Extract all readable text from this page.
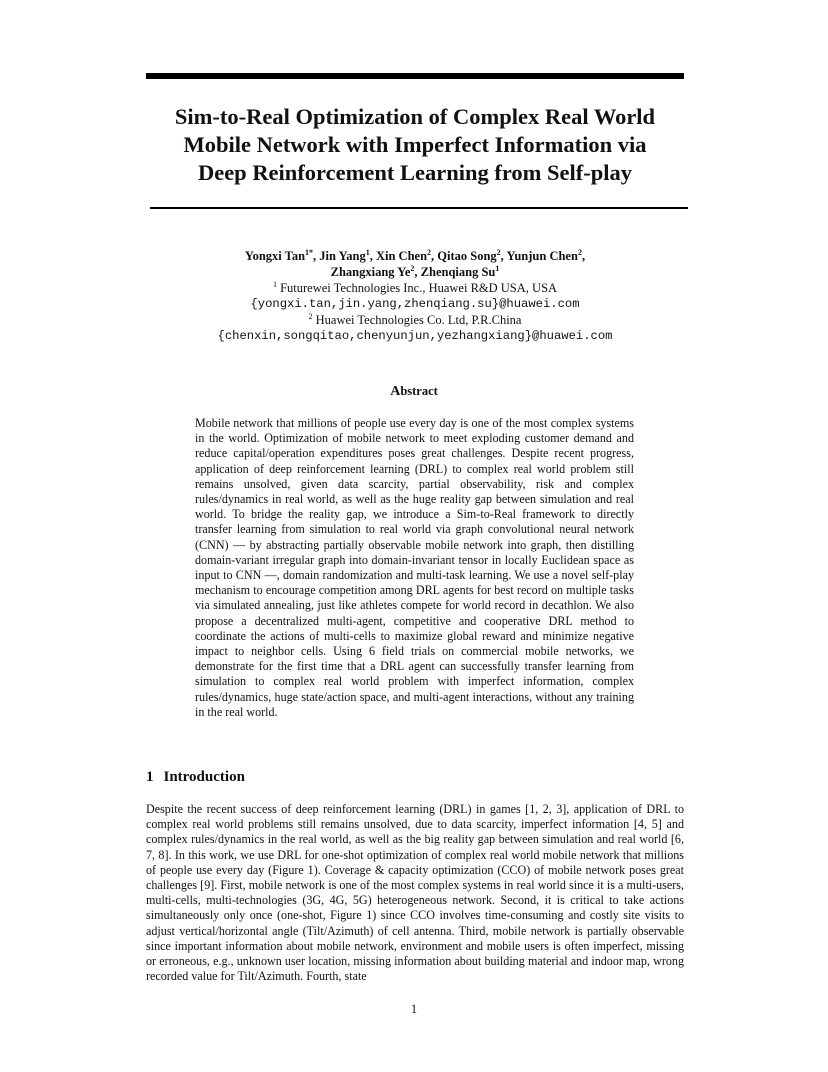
Sim-to-Real Optimization of Complex Real World
Mobile Network with Imperfect Information via
Deep Reinforcement Learning from Self-play
Yongxi Tan$^{1*}$, Jin Yang$^1$, Xin Chen$^2$, Qitao Song$^2$, Yunjun Chen$^2$,
Zhangxiang Ye$^2$, Zhenqiang Su$^1$
$^1$ Futurewei Technologies Inc., Huawei R&D USA, USA
{yongxi.tan,jin.yang,zhenqiang.su}@huawei.com
$^2$ Huawei Technologies Co. Ltd, P.R.China
{chenxin,songqitao,chenyunjun,yezhangxiang}@huawei.com
Abstract
Mobile network that millions of people use every day is one of the most complex systems in the world. Optimization of mobile network to meet exploding customer demand and reduce capital/operation expenditures poses great challenges. Despite recent progress, application of deep reinforcement learning (DRL) to complex real world problem still remains unsolved, given data scarcity, partial observability, risk and complex rules/dynamics in real world, as well as the huge reality gap between simulation and real world. To bridge the reality gap, we introduce a Sim-to-Real framework to directly transfer learning from simulation to real world via graph convolutional neural network (CNN) — by abstracting partially observable mobile network into graph, then distilling domain-variant irregular graph into domain-invariant tensor in locally Euclidean space as input to CNN —, domain randomization and multi-task learning. We use a novel self-play mechanism to encourage competition among DRL agents for best record on multiple tasks via simulated annealing, just like athletes compete for world record in decathlon. We also propose a decentralized multi-agent, competitive and cooperative DRL method to coordinate the actions of multi-cells to maximize global reward and minimize negative impact to neighbor cells. Using 6 field trials on commercial mobile networks, we demonstrate for the first time that a DRL agent can successfully transfer learning from simulation to complex real world problem with imperfect information, complex rules/dynamics, huge state/action space, and multi-agent interactions, without any training in the real world.
1 Introduction
Despite the recent success of deep reinforcement learning (DRL) in games [1, 2, 3], application of DRL to complex real world problems still remains unsolved, due to data scarcity, imperfect information [4, 5] and complex rules/dynamics in the real world, as well as the big reality gap between simulation and real world [6, 7, 8]. In this work, we use DRL for one-shot optimization of complex real world mobile network that millions of people use every day (Figure 1). Coverage & capacity optimization (CCO) of mobile network poses great challenges [9]. First, mobile network is one of the most complex systems in real world since it is a multi-users, multi-cells, multi-technologies (3G, 4G, 5G) heterogeneous network. Second, it is critical to take actions simultaneously only once (one-shot, Figure 1) since CCO involves time-consuming and costly site visits to adjust vertical/horizontal angle (Tilt/Azimuth) of cell antenna. Third, mobile network is partially observable since important information about mobile network, environment and mobile users is often imperfect, missing or erroneous, e.g., unknown user location, missing information about building material and indoor map, wrong recorded value for Tilt/Azimuth. Fourth, state
1
